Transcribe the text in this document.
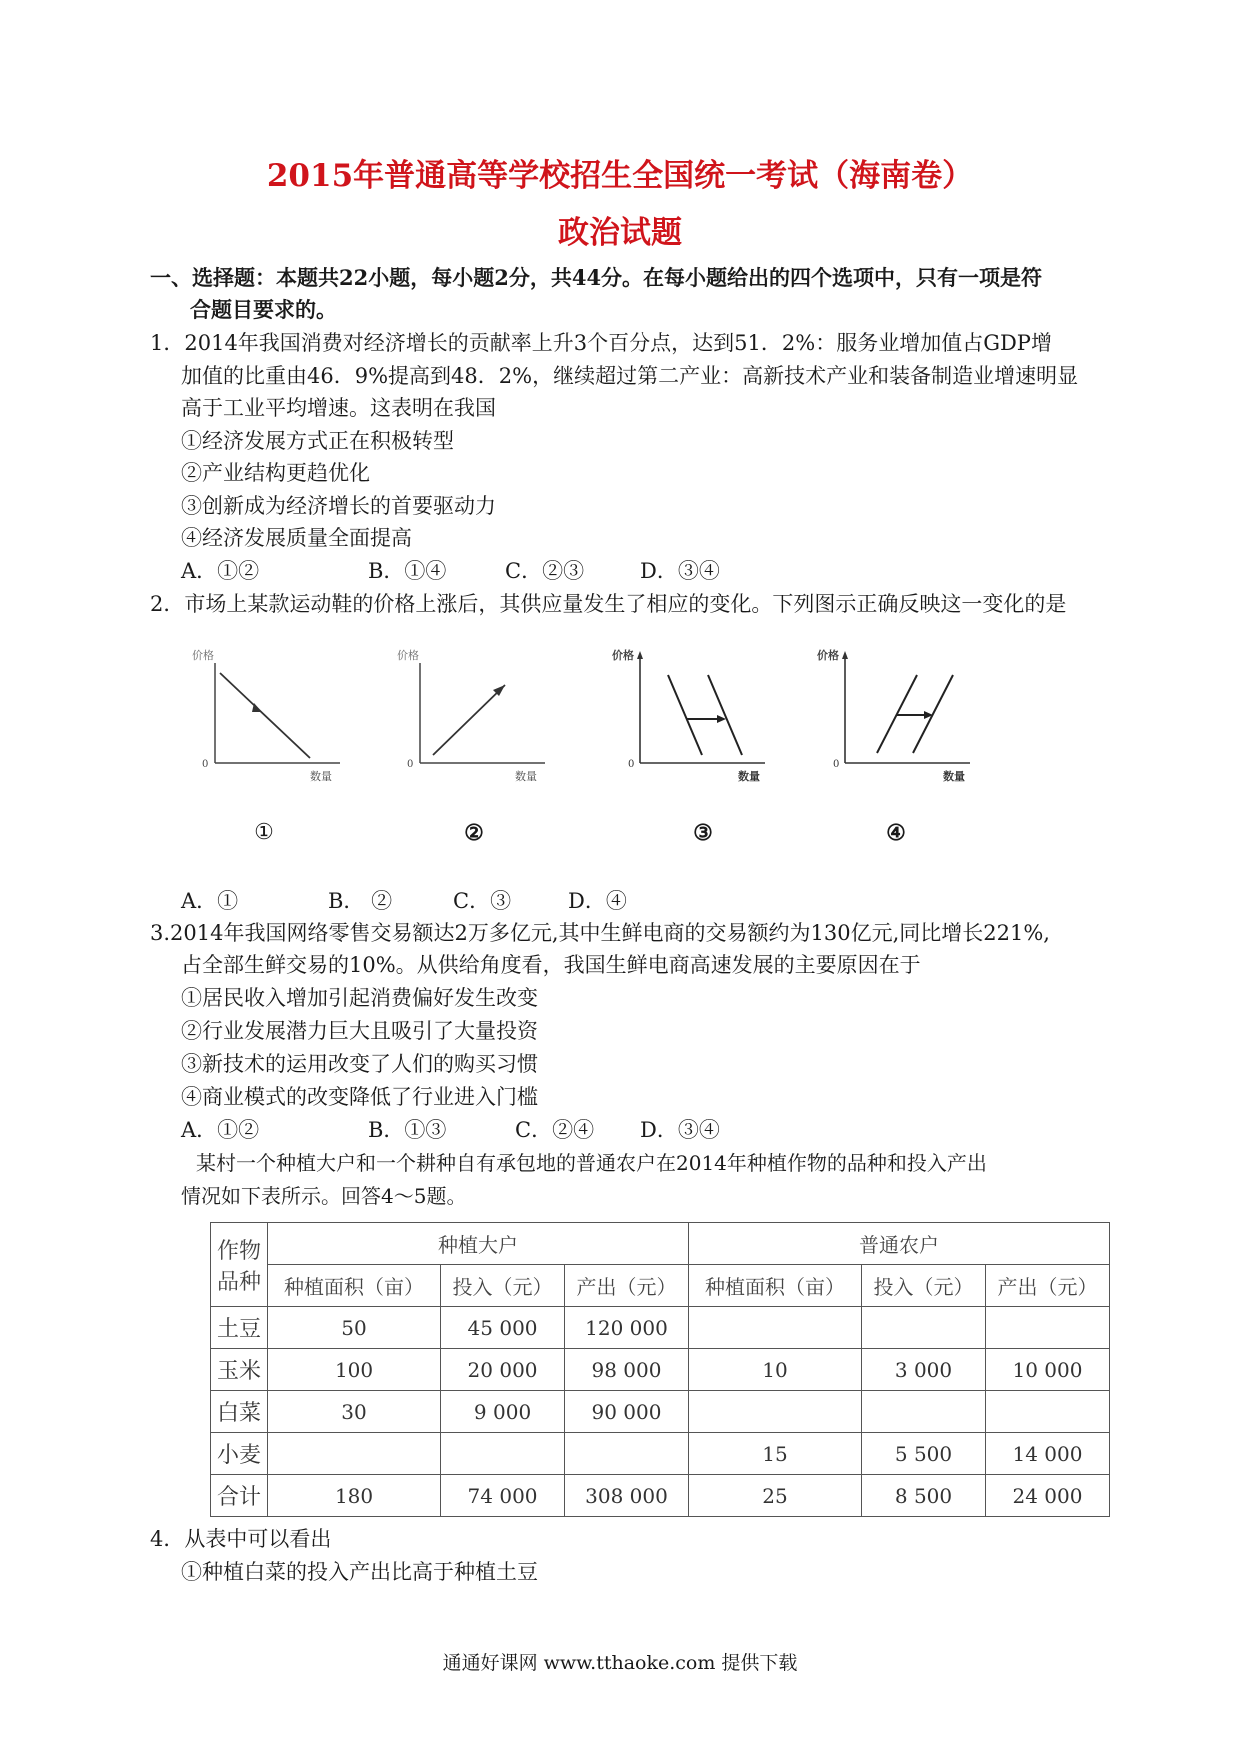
2015年普通高等学校招生全国统一考试（海南卷）
政治试题
一、选择题：本题共22小题，每小题2分，共44分。在每小题给出的四个选项中，只有一项是符
合题目要求的。
1．2014年我国消费对经济增长的贡献率上升3个百分点，达到51．2%：服务业增加值占GDP增
加值的比重由46．9%提高到48．2%，继续超过第二产业：高新技术产业和装备制造业增速明显
高于工业平均增速。这表明在我国
①经济发展方式正在积极转型
②产业结构更趋优化
③创新成为经济增长的首要驱动力
④经济发展质量全面提高
A．①②	B．①④	C．②③	D．③④
2．市场上某款运动鞋的价格上涨后，其供应量发生了相应的变化。下列图示正确反映这一变化的是
价格
0
数量
价格
0
数量
价格
0
数量
价格
0
数量
①	②	③	④
A．①	B． ②	C．③	D．④
3.2014年我国网络零售交易额达2万多亿元,其中生鲜电商的交易额约为130亿元,同比增长221%,
占全部生鲜交易的10%。从供给角度看，我国生鲜电商高速发展的主要原因在于
①居民收入增加引起消费偏好发生改变
②行业发展潜力巨大且吸引了大量投资
③新技术的运用改变了人们的购买习惯
④商业模式的改变降低了行业进入门槛
A．①②	B．①③	C．②④ D．③④
某村一个种植大户和一个耕种自有承包地的普通农户在2014年种植作物的品种和投入产出
情况如下表所示。回答4～5题。
作物品种	种植大户			普通农户		
	种植面积（亩）	投入（元）	产出（元）	种植面积（亩）	投入（元）	产出（元）
土豆	50	45 000	120 000			
玉米	100	20 000	98 000	10	3 000	10 000
白菜	30	9 000	90 000			
小麦				15	5 500	14 000
合计	180	74 000	308 000	25	8 500	24 000
4．从表中可以看出
①种植白菜的投入产出比高于种植土豆
通通好课网 www.tthaoke.com 提供下载
